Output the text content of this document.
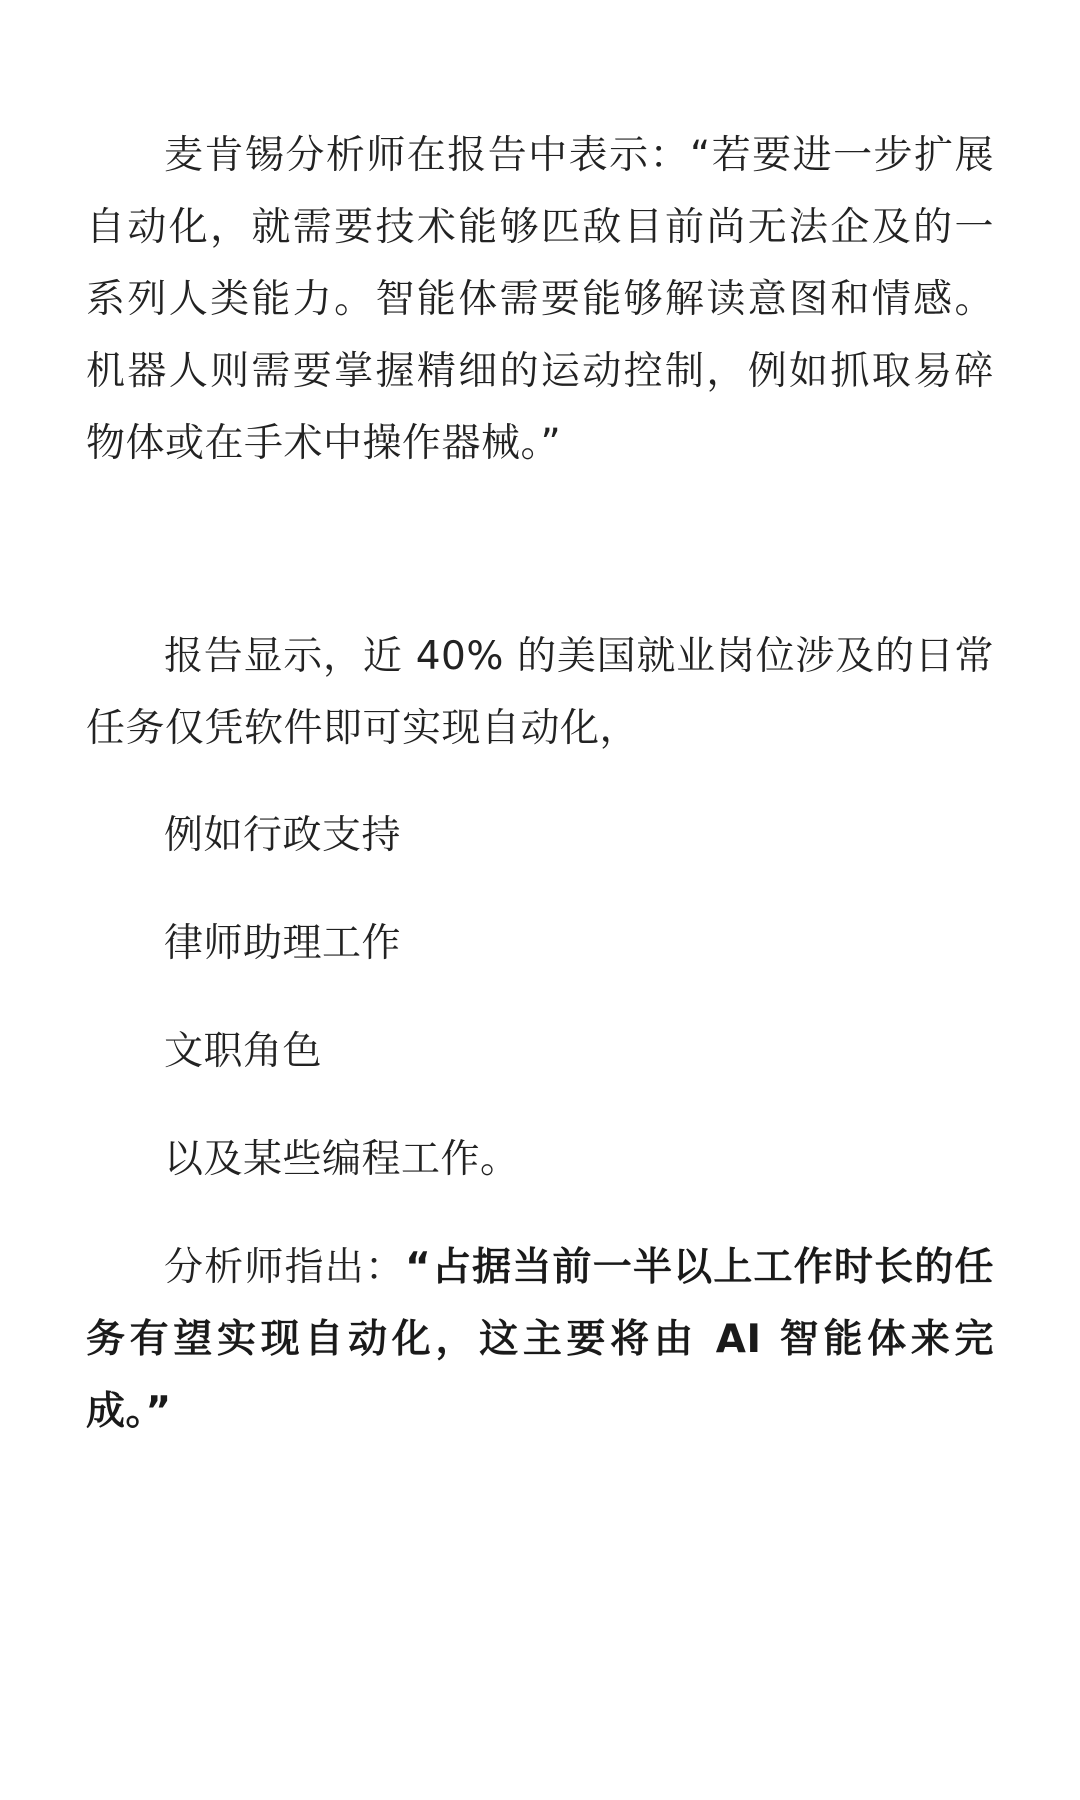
麦肯锡分析师在报告中表示：“若要进一步扩展自动化，就需要技术能够匹敌目前尚无法企及的一系列人类能力。智能体需要能够解读意图和情感。机器人则需要掌握精细的运动控制，例如抓取易碎物体或在手术中操作器械。”

报告显示，近 40% 的美国就业岗位涉及的日常任务仅凭软件即可实现自动化，

例如行政支持

律师助理工作

文职角色

以及某些编程工作。

分析师指出：“占据当前一半以上工作时长的任务有望实现自动化，这主要将由 AI 智能体来完成。”
